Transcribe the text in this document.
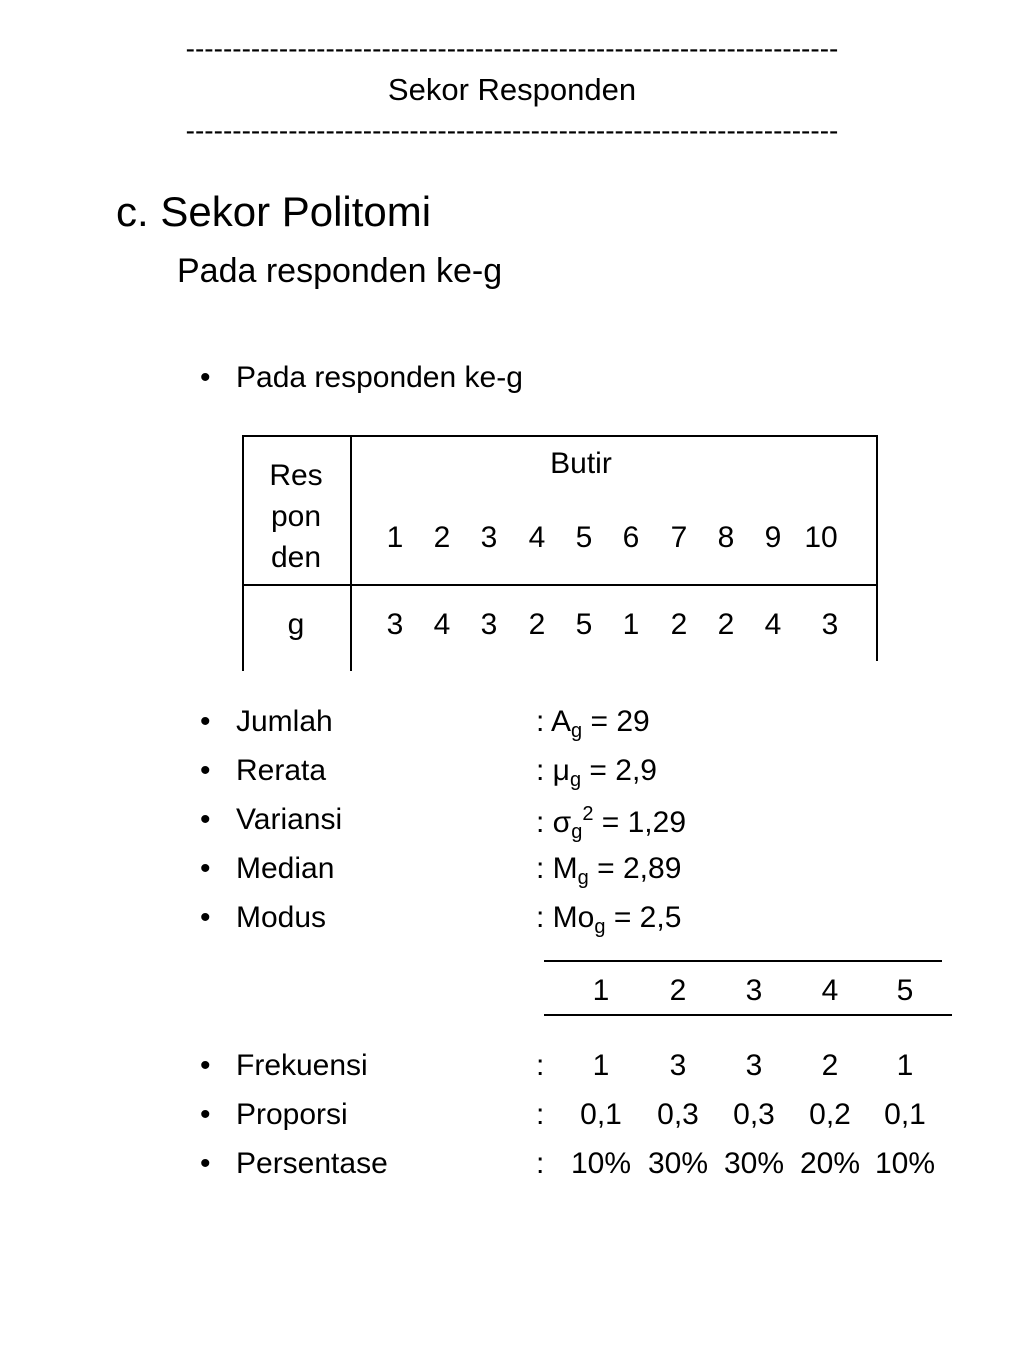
----------------------------------------------------------------------
Sekor Responden
----------------------------------------------------------------------
c. Sekor Politomi
Pada responden ke-g
• Pada responden ke-g
Res
pon
den
Butir
1	2	3	4	5	6	7	8	9 10
g	3	4	3	2	5	1	2	2	4	3
• Jumlah	: $A_g = 29$
• Rerata	: $\mu_g = 2,9$
• Variansi	: $\sigma_g^2 = 1,29$
• Median	: $M_g = 2,89$
• Modus	: $Mo_g = 2,5$
1	2	3	4	5
• Frekuensi	:	1	3	3	2	1
• Proporsi	:	0,1	0,3	0,3	0,2	0,1
• Persentase	: 10% 30% 30% 20% 10%
